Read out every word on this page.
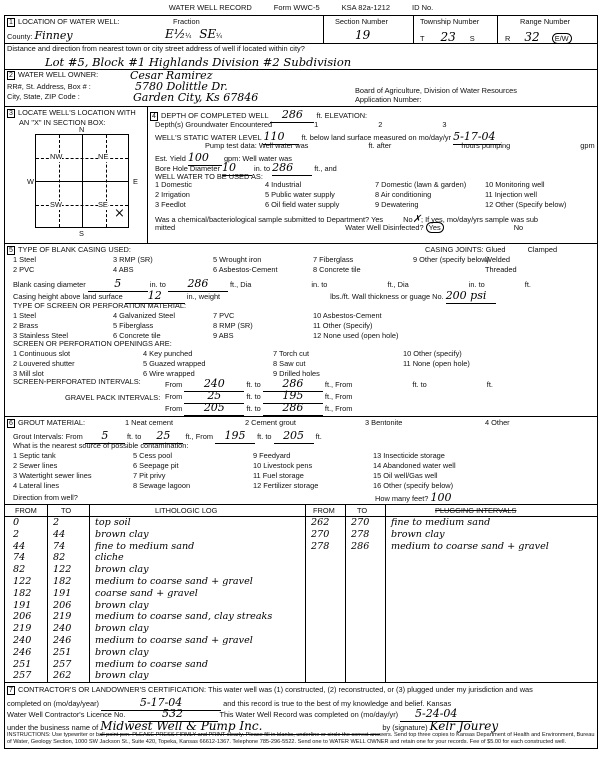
WATER WELL RECORD	Form WWC-5	KSA 82a-1212	ID No.
1 LOCATION OF WATER WELL:
County: Finney
Fraction
E½¼ SE¼
Section Number
19
Township Number
T 23 S
Range Number
R 32 E/W
Distance and direction from nearest town or city street address of well if located within city?
Lot #5, Block #1 Highlands Division #2 Subdivision
2 WATER WELL OWNER:	Cesar Ramirez
RR#, St. Address, Box # :	5780 Dolittle Dr.
City, State, ZIP Code :	Garden City, Ks 67846
Board of Agriculture, Division of Water Resources
Application Number:
3 LOCATE WELL'S LOCATION WITH
AN "X" IN SECTION BOX:
NW	NE
SW	SE
×
N
S
W	E
4 DEPTH OF COMPLETED WELL 286 ft. ELEVATION:
Depth(s) Groundwater Encountered	1	2	3
WELL'S STATIC WATER LEVEL 110 ft. below land surface measured on mo/day/yr 5-17-04
Pump test data: Well water was	ft. after	hours pumping	gpm
Est. Yield 100 gpm: Well water was
Bore Hole Diameter 10 in. to 286	ft., and
WELL WATER TO BE USED AS:
1 Domestic
2 Irrigation
3 Feedlot
4 Industrial
5 Public water supply
6 Oil field water supply
7 Domestic (lawn & garden)
8 Air conditioning
9 Dewatering
10 Monitoring well
11 Injection well
12 Other (Specify below)
Was a chemical/bacteriological sample submitted to Department? Yes	No✗; If yes, mo/day/yrs sample was sub
mitted	Water Well Disinfected? Yes	No
5 TYPE OF BLANK CASING USED:
1 Steel
2 PVC
3 RMP (SR)
4 ABS
5 Wrought iron
6 Asbestos-Cement
7 Fiberglass
8 Concrete tile
9 Other (specify below)
CASING JOINTS: Glued	Clamped
Welded
Threaded
Blank casing diameter	5	in. to 286	ft., Dia	in. to	ft., Dia	in. to	ft.
Casing height above land surface 12	in., weight	lbs./ft. Wall thickness or guage No. 200 psi
TYPE OF SCREEN OR PERFORATION MATERIAL:
1 Steel
2 Brass
3 Stainless Steel
4 Galvanized Steel
5 Fiberglass
6 Concrete tile
7 PVC
8 RMP (SR)
9 ABS
10 Asbestos-Cement
11 Other (Specify)
12 None used (open hole)
SCREEN OR PERFORATION OPENINGS ARE:
1 Continuous slot
2 Louvered shutter
3 Mill slot
4 Key punched
5 Guazed wrapped
6 Wire wrapped
7 Torch cut
8 Saw cut
9 Drilled holes
10 Other (specify)
11 None (open hole)
SCREEN-PERFORATED INTERVALS:	From 240	ft. to 286	ft., From	ft. to	ft.
GRAVEL PACK INTERVALS: From 25	ft. to 195	ft., From
From 205	ft. to 286	ft., From
6 GROUT MATERIAL:	1 Neat cement	2 Cement grout	3 Bentonite	4 Other
Grout Intervals: From 5	ft. to 25 ft., From 195 ft. to 205 ft.
What is the nearest source of possible contamination:
1 Septic tank
2 Sewer lines
3 Watertight sewer lines
4 Lateral lines
5 Cess pool
6 Seepage pit
7 Pit privy
8 Sewage lagoon
9 Feedyard
10 Livestock pens
11 Fuel storage
12 Fertilizer storage
13 Insecticide storage
14 Abandoned water well
15 Oil well/Gas well
16 Other (specify below)
Direction from well?	How many feet? 100
FROM	TO	LITHOLOGIC LOG	FROM	TO	PLUGGING INTERVALS
0	2	top soil	262 270 fine to medium sand
2	44	brown clay	270 278 brown clay
44	74	fine to medium sand	278 286 medium to coarse sand + gravel
74	82	cliche
82	122 brown clay
122 182 medium to coarse sand + gravel
182 191 coarse sand + gravel
191 206 brown clay
206 219 medium to coarse sand, clay streaks
219 240 brown clay
240 246 medium to coarse sand + gravel
246 251 brown clay
251 257 medium to coarse sand
257 262 brown clay
7 CONTRACTOR'S OR LANDOWNER'S CERTIFICATION: This water well was (1) constructed, (2) reconstructed, or (3) plugged under my jurisdiction and was
completed on (mo/day/year)	5-17-04	and this record is true to the best of my knowledge and belief. Kansas
Water Well Contractor's Licence No.	532	This Water Well Record was completed on (mo/day/yr) 5-24-04
under the business name of Midwest Well & Pump Inc.	by (signature) Kelr Jourey
INSTRUCTIONS: Use typewriter or ball point pen. PLEASE PRESS FIRMLY and PRINT clearly. Please fill in blanks, underline or circle the correct answers. Send top three copies to Kansas Department of Health and Environment, Bureau of Water, Geology Section, 1000 SW Jackson St., Suite 420, Topeka, Kansas 66612-1367. Telephone 785-296-5522. Send one to WATER WELL OWNER and retain one for your records. Fee of $5.00 for each constructed well.
